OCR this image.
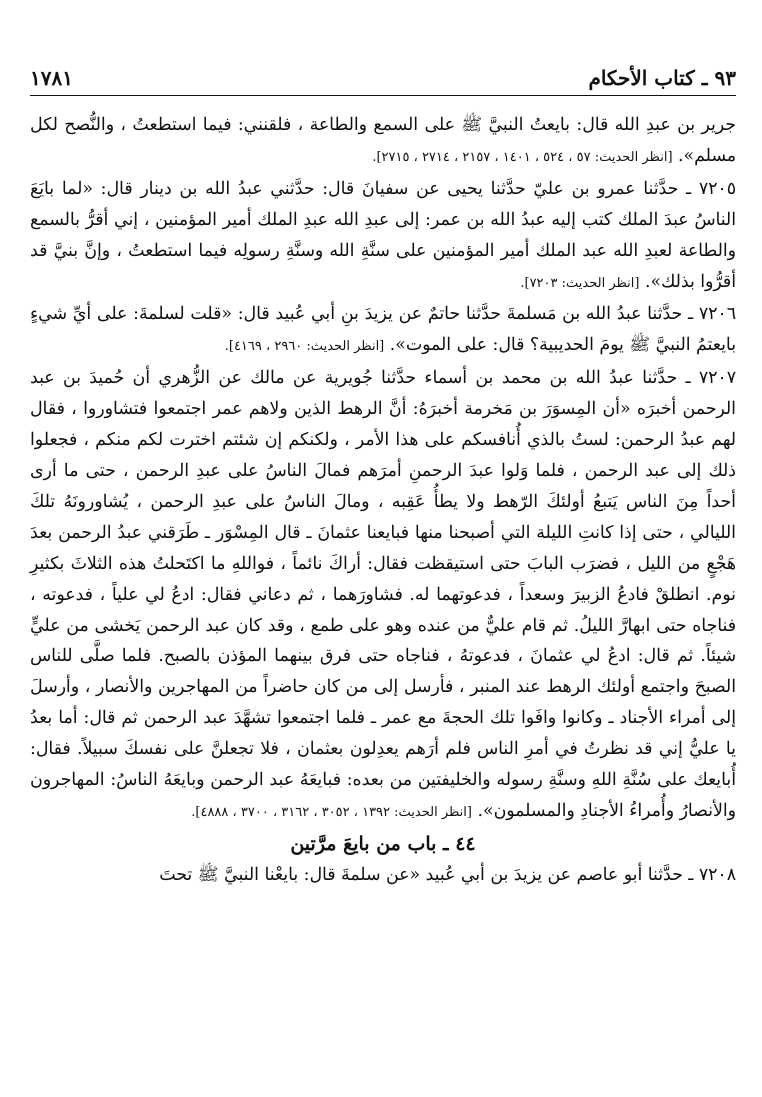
١٧٨١	٩٣ ـ كتاب الأحكام

جرير بن عبدِ الله قال: بايعتُ النبيَّ ﷺ على السمع والطاعة ، فلقنني: فيما استطعتُ ، والنُّصح لكل مسلم». [انظر الحديث: ٥٧ ، ٥٢٤ ، ١٤٠١ ، ٢١٥٧ ، ٢٧١٤ ، ٢٧١٥].

٧٢٠٥ ـ حدَّثنا عمرو بن عليّ حدَّثنا يحيى عن سفيانَ قال: حدَّثني عبدُ الله بن دينار قال: «لما بايَعَ الناسُ عبدَ الملك كتب إليه عبدُ الله بن عمر: إلى عبدِ الله عبدِ الملك أمير المؤمنين ، إني أقرُّ بالسمع والطاعة لعبدِ الله عبد الملك أمير المؤمنين على سنَّةِ الله وسنَّةِ رسولِه فيما استطعتُ ، وإنَّ بنيَّ قد أقرُّوا بذلك». [انظر الحديث: ٧٢٠٣].

٧٢٠٦ ـ حدَّثنا عبدُ الله بن مَسلمةَ حدَّثنا حاتمٌ عن يزيدَ بنِ أبي عُبيد قال: «قلت لسلمةَ: على أيِّ شيءٍ بايعتمُ النبيَّ ﷺ يومَ الحديبية؟ قال: على الموت». [انظر الحديث: ٢٩٦٠ ، ٤١٦٩].

٧٢٠٧ ـ حدَّثنا عبدُ الله بن محمد بن أسماء حدَّثنا جُويرية عن مالك عن الزُّهري أن حُميدَ بن عبد الرحمن أخبرَه «أن المِسوَرَ بن مَخرمة أخبرَهُ: أنَّ الرهط الذين ولاهم عمر اجتمعوا فتشاوروا ، فقال لهم عبدُ الرحمن: لستُ بالذي أُنافسكم على هذا الأمر ، ولكنكم إن شئتم اخترت لكم منكم ، فجعلوا ذلك إلى عبد الرحمن ، فلما وَلوا عبدَ الرحمنِ أمرَهم فمالَ الناسُ على عبدِ الرحمن ، حتى ما أرى أحداً مِنَ الناس يَتبعُ أولئكَ الرّهط ولا يطأُ عَقِبه ، ومالَ الناسُ على عبدِ الرحمن ، يُشاورونَهُ تلكَ الليالي ، حتى إذا كانتِ الليلة التي أصبحنا منها فبايعنا عثمانَ ـ قال المِسْوَر ـ طَرَقني عبدُ الرحمن بعدَ هَجْعٍ من الليل ، فضرَب البابَ حتى استيقظت فقال: أراكَ نائماً ، فواللهِ ما اكتَحلتُ هذه الثلاثَ بكثيرِ نوم. انطلقْ فادعُ الزبيرَ وسعداً ، فدعوتهما له. فشاورَهما ، ثم دعاني فقال: ادعُ لي علياً ، فدعوته ، فناجاه حتى ابهارَّ الليلُ. ثم قام عليٌّ من عنده وهو على طمع ، وقد كان عبد الرحمن يَخشى من عليٍّ شيئاً. ثم قال: ادعُ لي عثمانَ ، فدعوتهُ ، فناجاه حتى فرق بينهما المؤذن بالصبح. فلما صلَّى للناس الصبحَ واجتمع أولئك الرهط عند المنبر ، فأرسل إلى من كان حاضراً من المهاجرين والأنصار ، وأرسلَ إلى أمراء الأجناد ـ وكانوا وافَوا تلك الحجةَ مع عمر ـ فلما اجتمعوا تشهَّدَ عبد الرحمن ثم قال: أما بعدُ يا عليُّ إني قد نظرتُ في أمرِ الناس فلم أرَهم يعدِلون بعثمان ، فلا تجعلنَّ على نفسكَ سبيلاً. فقال: أُبايعك على سُنَّةِ اللهِ وسنَّةِ رسوله والخليفتين من بعده: فبايعَهُ عبد الرحمن وبايعَهُ الناسُ: المهاجرون والأنصارُ وأُمراءُ الأجنادِ والمسلمون». [انظر الحديث: ١٣٩٢ ، ٣٠٥٢ ، ٣١٦٢ ، ٣٧٠٠ ، ٤٨٨٨].

٤٤ ـ باب من بايعَ مرَّتين

٧٢٠٨ ـ حدَّثنا أبو عاصم عن يزيدَ بن أبي عُبيد «عن سلمةَ قال: بايعْنا النبيَّ ﷺ تحتَ
